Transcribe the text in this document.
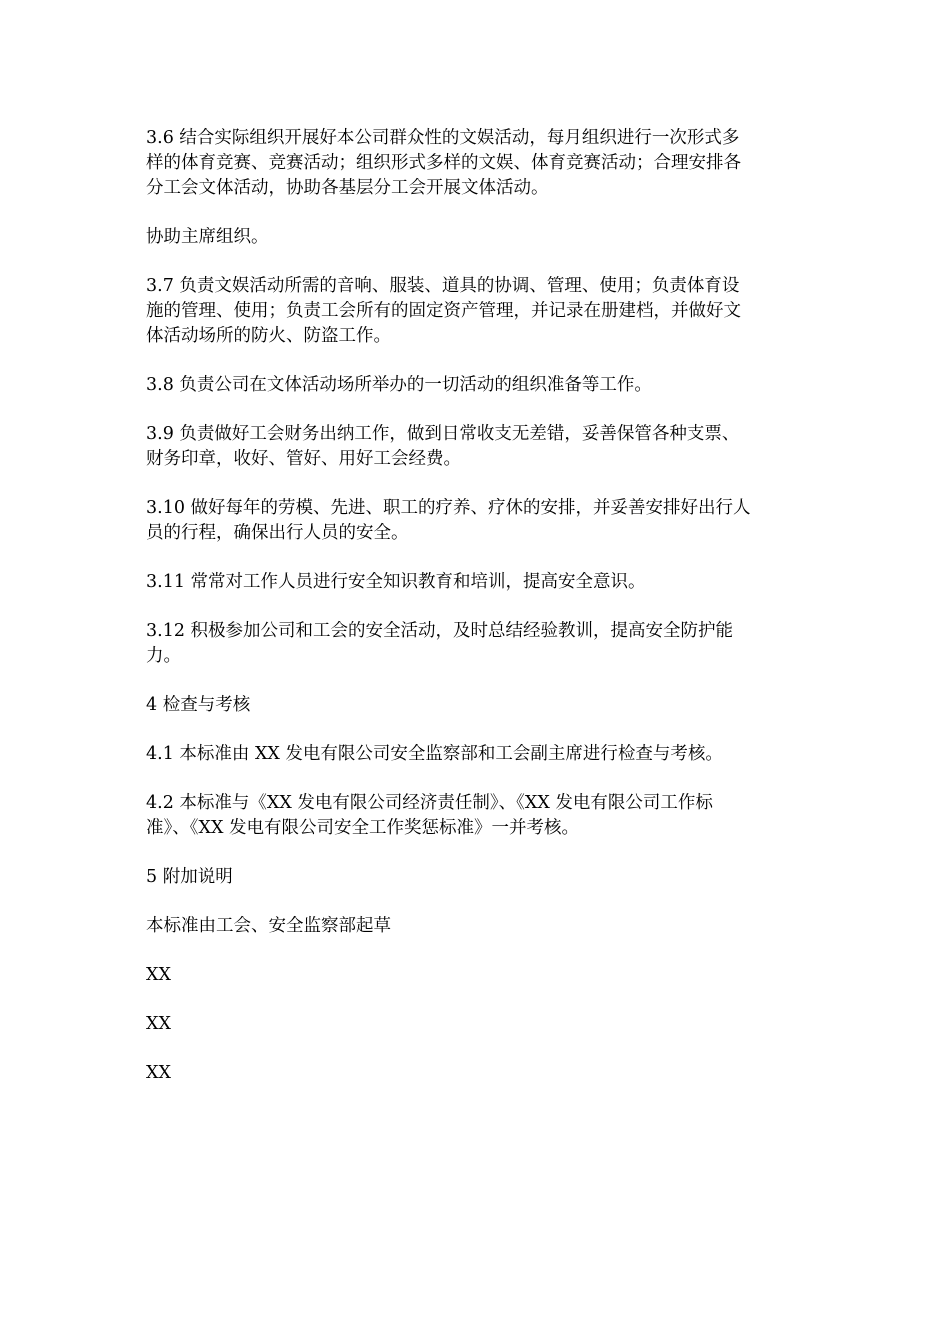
3.6 结合实际组织开展好本公司群众性的文娱活动，每月组织进行一次形式多
样的体育竞赛、竞赛活动；组织形式多样的文娱、体育竞赛活动；合理安排各
分工会文体活动，协助各基层分工会开展文体活动。

协助主席组织。

3.7 负责文娱活动所需的音响、服装、道具的协调、管理、使用；负责体育设
施的管理、使用；负责工会所有的固定资产管理，并记录在册建档，并做好文
体活动场所的防火、防盗工作。

3.8 负责公司在文体活动场所举办的一切活动的组织准备等工作。

3.9 负责做好工会财务出纳工作，做到日常收支无差错，妥善保管各种支票、
财务印章，收好、管好、用好工会经费。

3.10 做好每年的劳模、先进、职工的疗养、疗休的安排，并妥善安排好出行人
员的行程，确保出行人员的安全。

3.11 常常对工作人员进行安全知识教育和培训，提高安全意识。

3.12 积极参加公司和工会的安全活动，及时总结经验教训，提高安全防护能
力。

4 检查与考核

4.1 本标准由 XX 发电有限公司安全监察部和工会副主席进行检查与考核。

4.2 本标准与《XX 发电有限公司经济责任制》、《XX 发电有限公司工作标
准》、《XX 发电有限公司安全工作奖惩标准》一并考核。

5 附加说明

本标准由工会、安全监察部起草

XX

XX

XX
